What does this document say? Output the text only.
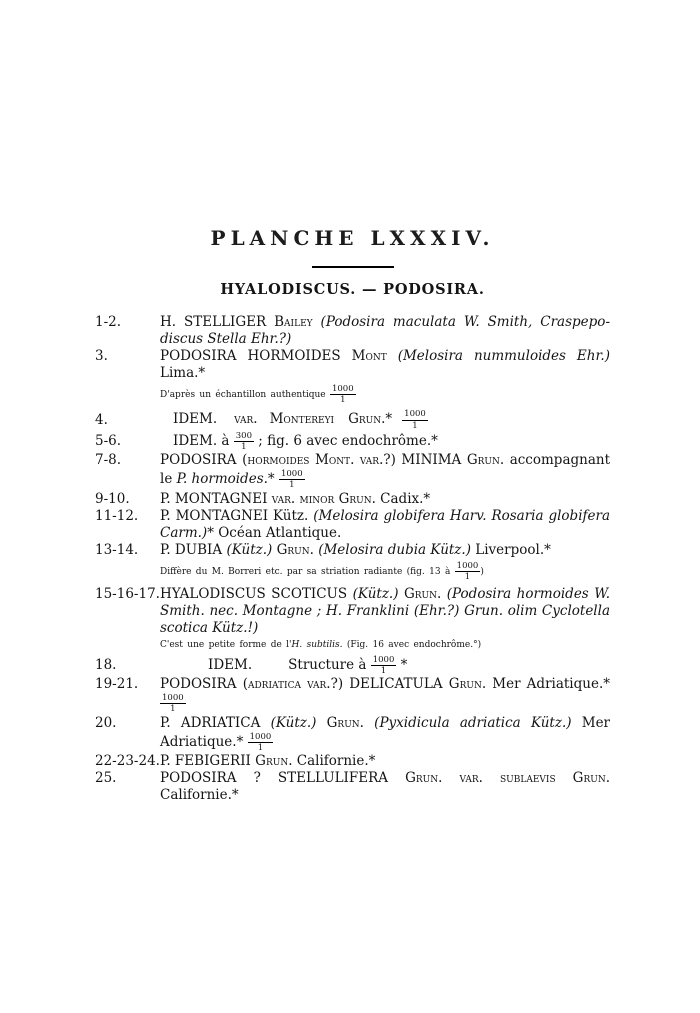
PLANCHE LXXXIV.
HYALODISCUS. — PODOSIRA.
1-2.	H. STELLIGER Bailey (Podosira maculata W. Smith, Craspepo-discus Stella Ehr.?)
3.	PODOSIRA HORMOIDES Mont (Melosira nummuloides Ehr.) Lima.*
D'après un échantillon authentique $\frac{1000}{1}$
4.	IDEM. var. Montereyi Grun.* $\frac{1000}{1}$
5-6.	IDEM. à $\frac{300}{1}$ ; fig. 6 avec endochrôme.*
7-8.	PODOSIRA (hormoides Mont. var.?) MINIMA Grun. accompagnant le P. hormoides.* $\frac{1000}{1}$
9-10. P. MONTAGNEI var. minor Grun. Cadix.*
11-12. P. MONTAGNEI Kütz. (Melosira globifera Harv. Rosaria globifera Carm.)* Océan Atlantique.
13-14. P. DUBIA (Kütz.) Grun. (Melosira dubia Kütz.) Liverpool.*
Diffère du M. Borreri etc. par sa striation radiante (fig. 13 à $\frac{1000}{1}$ )
15-16-17.HYALODISCUS SCOTICUS (Kütz.) Grun. (Podosira hormoides W. Smith. nec. Montagne ; H. Franklini (Ehr.?) Grun. olim Cyclotella scotica Kütz.!)
C'est une petite forme de l'H. subtilis. (Fig. 16 avec endochrôme.°)
18.	IDEM.	Structure à $\frac{1000}{1}$ *
19-21. PODOSIRA (adriatica var.?) DELICATULA Grun. Mer Adriatique.*
$\frac{1000}{1}$
20.	P. ADRIATICA (Kütz.) Grun. (Pyxidicula adriatica Kütz.) Mer Adriatique.* $\frac{1000}{1}$
22-23-24.P. FEBIGERII Grun. Californie.*
25.	PODOSIRA ? STELLULIFERA Grun. var. sublaevis Grun. Californie.*
